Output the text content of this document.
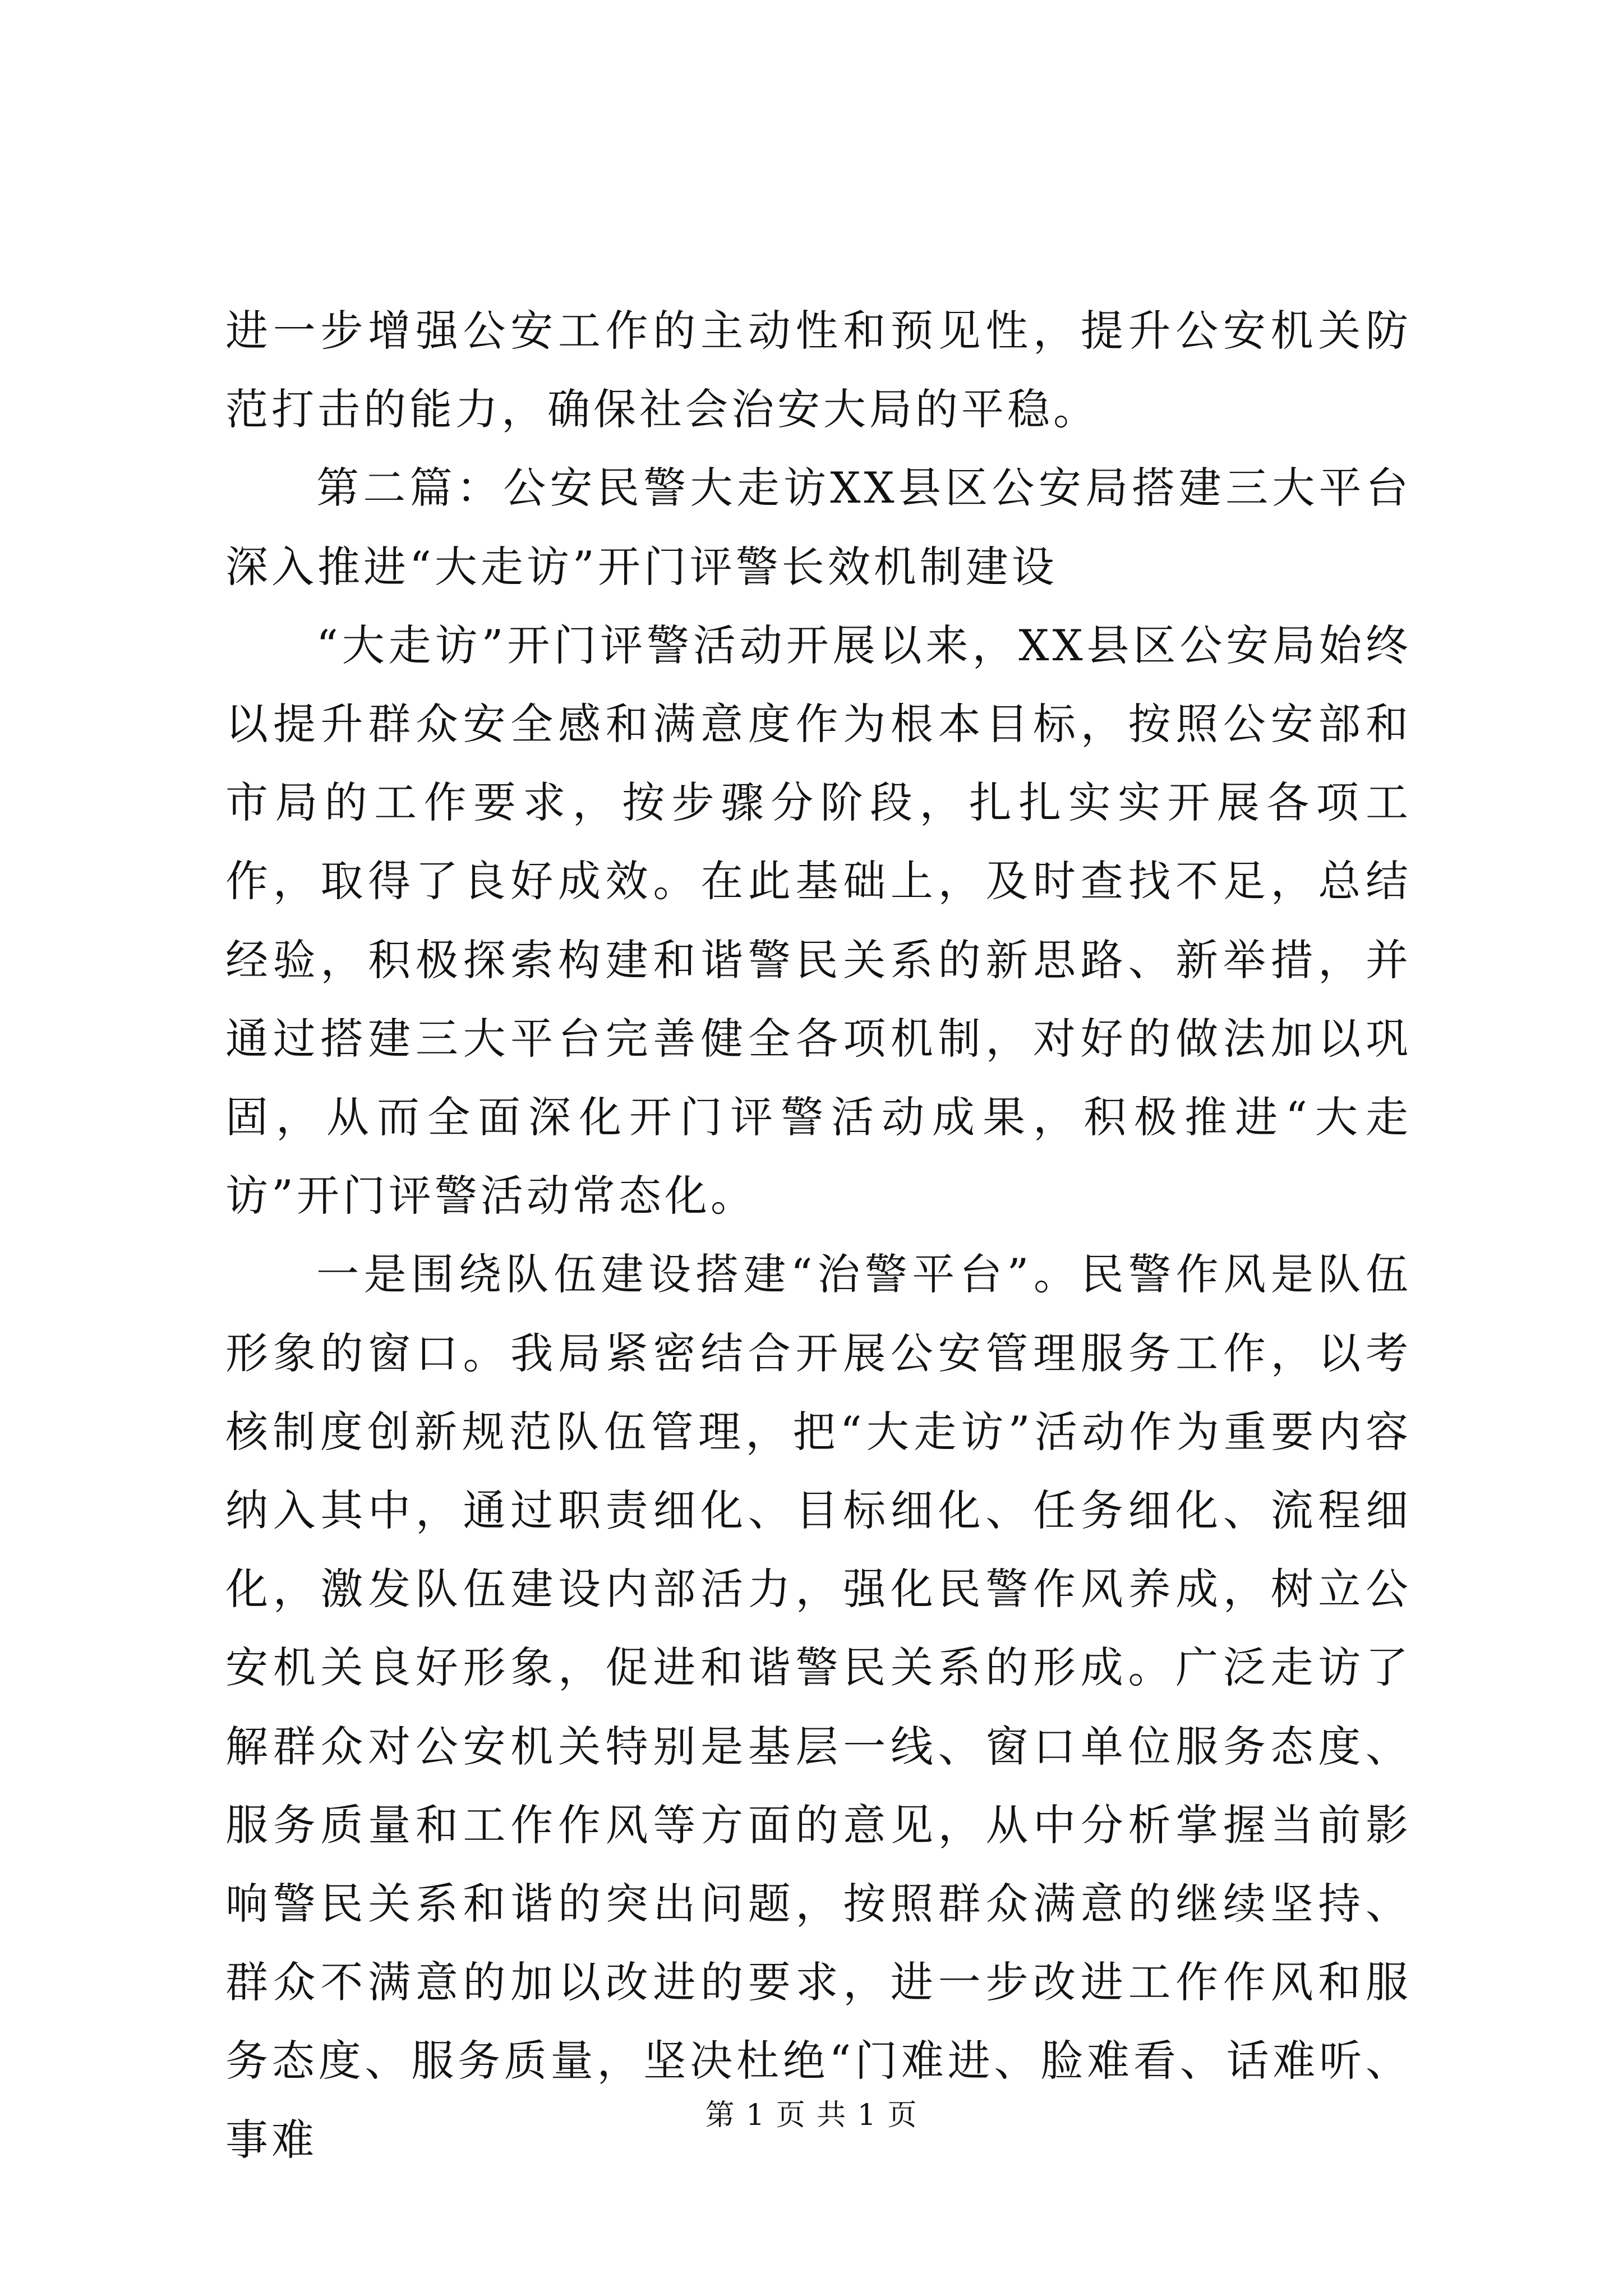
进一步增强公安工作的主动性和预见性，提升公安机关防范打击的能力，确保社会治安大局的平稳。

第二篇：公安民警大走访XX县区公安局搭建三大平台深入推进“大走访”开门评警长效机制建设

“大走访”开门评警活动开展以来，XX县区公安局始终以提升群众安全感和满意度作为根本目标，按照公安部和市局的工作要求，按步骤分阶段，扎扎实实开展各项工作，取得了良好成效。在此基础上，及时查找不足，总结经验，积极探索构建和谐警民关系的新思路、新举措，并通过搭建三大平台完善健全各项机制，对好的做法加以巩固，从而全面深化开门评警活动成果，积极推进“大走访”开门评警活动常态化。

一是围绕队伍建设搭建“治警平台”。民警作风是队伍形象的窗口。我局紧密结合开展公安管理服务工作，以考核制度创新规范队伍管理，把“大走访”活动作为重要内容纳入其中，通过职责细化、目标细化、任务细化、流程细化，激发队伍建设内部活力，强化民警作风养成，树立公安机关良好形象，促进和谐警民关系的形成。广泛走访了解群众对公安机关特别是基层一线、窗口单位服务态度、服务质量和工作作风等方面的意见，从中分析掌握当前影响警民关系和谐的突出问题，按照群众满意的继续坚持、群众不满意的加以改进的要求，进一步改进工作作风和服务态度、服务质量，坚决杜绝“门难进、脸难看、话难听、事难	第 1 页 共 1 页
